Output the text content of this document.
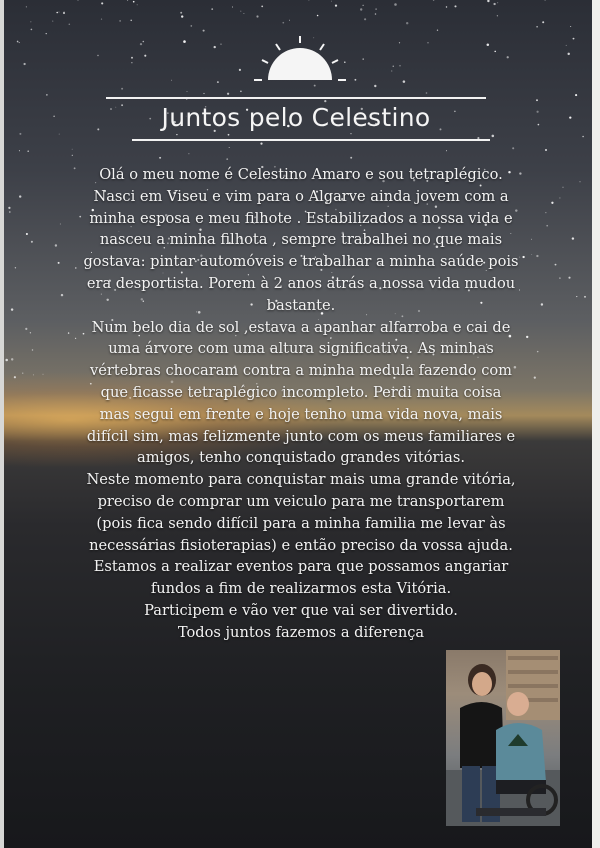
Juntos pelo Celestino
Olá o meu nome é Celestino Amaro e sou tetraplégico.
Nasci em Viseu e vim para o Algarve ainda jovem com a
minha esposa e meu filhote . Estabilizados a nossa vida e
nasceu a minha filhota , sempre trabalhei no que mais
gostava: pintar automóveis e trabalhar a minha saúde pois
era desportista. Porem à 2 anos atrás a nossa vida mudou
bastante.
Num belo dia de sol ,estava a apanhar alfarroba e cai de
uma árvore com uma altura significativa. As minhas
vértebras chocaram contra a minha medula fazendo com
que ficasse tetraplégico incompleto. Perdi muita coisa
mas segui em frente e hoje tenho uma vida nova, mais
difícil sim, mas felizmente junto com os meus familiares e
amigos, tenho conquistado grandes vitórias.
Neste momento para conquistar mais uma grande vitória,
preciso de comprar um veiculo para me transportarem
(pois fica sendo difícil para a minha familia me levar às
necessárias fisioterapias) e então preciso da vossa ajuda.
Estamos a realizar eventos para que possamos angariar
fundos a fim de realizarmos esta Vitória.
Participem e vão ver que vai ser divertido.
Todos juntos fazemos a diferença
